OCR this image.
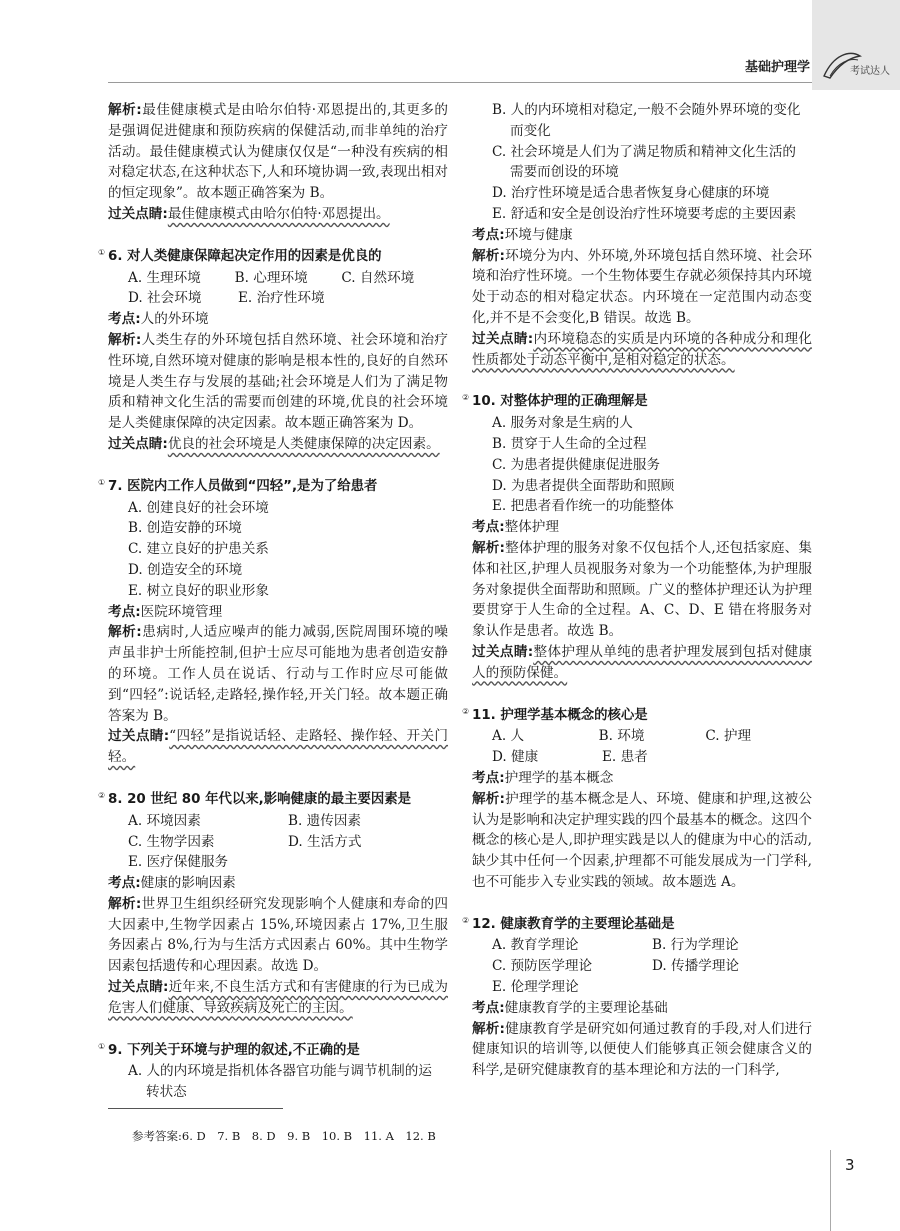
基础护理学	考试达人

解析:最佳健康模式是由哈尔伯特·邓恩提出的,其更多的是强调促进健康和预防疾病的保健活动,而非单纯的治疗活动。最佳健康模式认为健康仅仅是“一种没有疾病的相对稳定状态,在这种状态下,人和环境协调一致,表现出相对的恒定现象”。故本题正确答案为 B。

过关点睛:最佳健康模式由哈尔伯特·邓恩提出。

① 6. 对人类健康保障起决定作用的因素是优良的
A. 生理环境	B. 心理环境	C. 自然环境
D. 社会环境	E. 治疗性环境

考点:人的外环境

解析:人类生存的外环境包括自然环境、社会环境和治疗性环境,自然环境对健康的影响是根本性的,良好的自然环境是人类生存与发展的基础;社会环境是人们为了满足物质和精神文化生活的需要而创建的环境,优良的社会环境是人类健康保障的决定因素。故本题正确答案为 D。

过关点睛:优良的社会环境是人类健康保障的决定因素。

① 7. 医院内工作人员做到“四轻”,是为了给患者
A. 创建良好的社会环境
B. 创造安静的环境
C. 建立良好的护患关系
D. 创造安全的环境
E. 树立良好的职业形象

考点:医院环境管理

解析:患病时,人适应噪声的能力减弱,医院周围环境的噪声虽非护士所能控制,但护士应尽可能地为患者创造安静的环境。工作人员在说话、行动与工作时应尽可能做到“四轻”:说话轻,走路轻,操作轻,开关门轻。故本题正确答案为 B。

过关点睛:“四轻”是指说话轻、走路轻、操作轻、开关门轻。

② 8. 20 世纪 80 年代以来,影响健康的最主要因素是
A. 环境因素	B. 遗传因素
C. 生物学因素	D. 生活方式
E. 医疗保健服务

考点:健康的影响因素

解析:世界卫生组织经研究发现影响个人健康和寿命的四大因素中,生物学因素占 15%,环境因素占 17%,卫生服务因素占 8%,行为与生活方式因素占 60%。其中生物学因素包括遗传和心理因素。故选 D。

过关点睛:近年来,不良生活方式和有害健康的行为已成为危害人们健康、导致疾病及死亡的主因。

① 9. 下列关于环境与护理的叙述,不正确的是
A. 人的内环境是指机体各器官功能与调节机制的运
转状态
参考答案:6. D　7. B　8. D　9. B　10. B　11. A　12. B
B. 人的内环境相对稳定,一般不会随外界环境的变化
而变化
C. 社会环境是人们为了满足物质和精神文化生活的
需要而创设的环境
D. 治疗性环境是适合患者恢复身心健康的环境
E. 舒适和安全是创设治疗性环境要考虑的主要因素

考点:环境与健康

解析:环境分为内、外环境,外环境包括自然环境、社会环境和治疗性环境。一个生物体要生存就必须保持其内环境处于动态的相对稳定状态。内环境在一定范围内动态变化,并不是不会变化,B 错误。故选 B。

过关点睛:内环境稳态的实质是内环境的各种成分和理化性质都处于动态平衡中,是相对稳定的状态。

② 10. 对整体护理的正确理解是
A. 服务对象是生病的人
B. 贯穿于人生命的全过程
C. 为患者提供健康促进服务
D. 为患者提供全面帮助和照顾
E. 把患者看作统一的功能整体

考点:整体护理

解析:整体护理的服务对象不仅包括个人,还包括家庭、集体和社区,护理人员视服务对象为一个功能整体,为护理服务对象提供全面帮助和照顾。广义的整体护理还认为护理要贯穿于人生命的全过程。A、C、D、E 错在将服务对象认作是患者。故选 B。

过关点睛:整体护理从单纯的患者护理发展到包括对健康人的预防保健。

② 11. 护理学基本概念的核心是
A. 人	B. 环境	C. 护理
D. 健康	E. 患者

考点:护理学的基本概念

解析:护理学的基本概念是人、环境、健康和护理,这被公认为是影响和决定护理实践的四个最基本的概念。这四个概念的核心是人,即护理实践是以人的健康为中心的活动,缺少其中任何一个因素,护理都不可能发展成为一门学科,也不可能步入专业实践的领域。故本题选 A。

② 12. 健康教育学的主要理论基础是
A. 教育学理论	B. 行为学理论
C. 预防医学理论	D. 传播学理论
E. 伦理学理论

考点:健康教育学的主要理论基础

解析:健康教育学是研究如何通过教育的手段,对人们进行健康知识的培训等,以便使人们能够真正领会健康含义的科学,是研究健康教育的基本理论和方法的一门科学,

3
